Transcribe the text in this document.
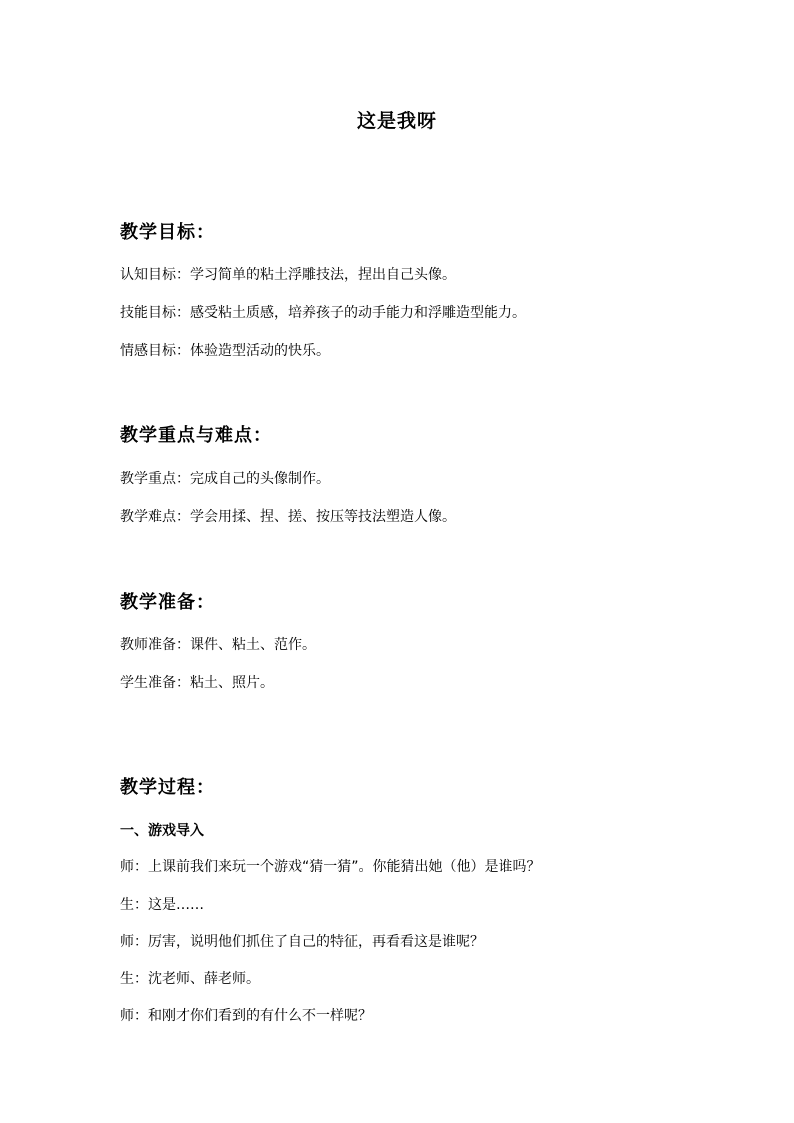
这是我呀
教学目标：
认知目标：学习简单的粘土浮雕技法，捏出自己头像。
技能目标：感受粘土质感，培养孩子的动手能力和浮雕造型能力。
情感目标：体验造型活动的快乐。
教学重点与难点：
教学重点：完成自己的头像制作。
教学难点：学会用揉、捏、搓、按压等技法塑造人像。
教学准备：
教师准备：课件、粘土、范作。
学生准备：粘土、照片。
教学过程：
一、游戏导入
师：上课前我们来玩一个游戏“猜一猜”。你能猜出她（他）是谁吗？
生：这是……
师：厉害，说明他们抓住了自己的特征，再看看这是谁呢？
生：沈老师、薛老师。
师：和刚才你们看到的有什么不一样呢？
